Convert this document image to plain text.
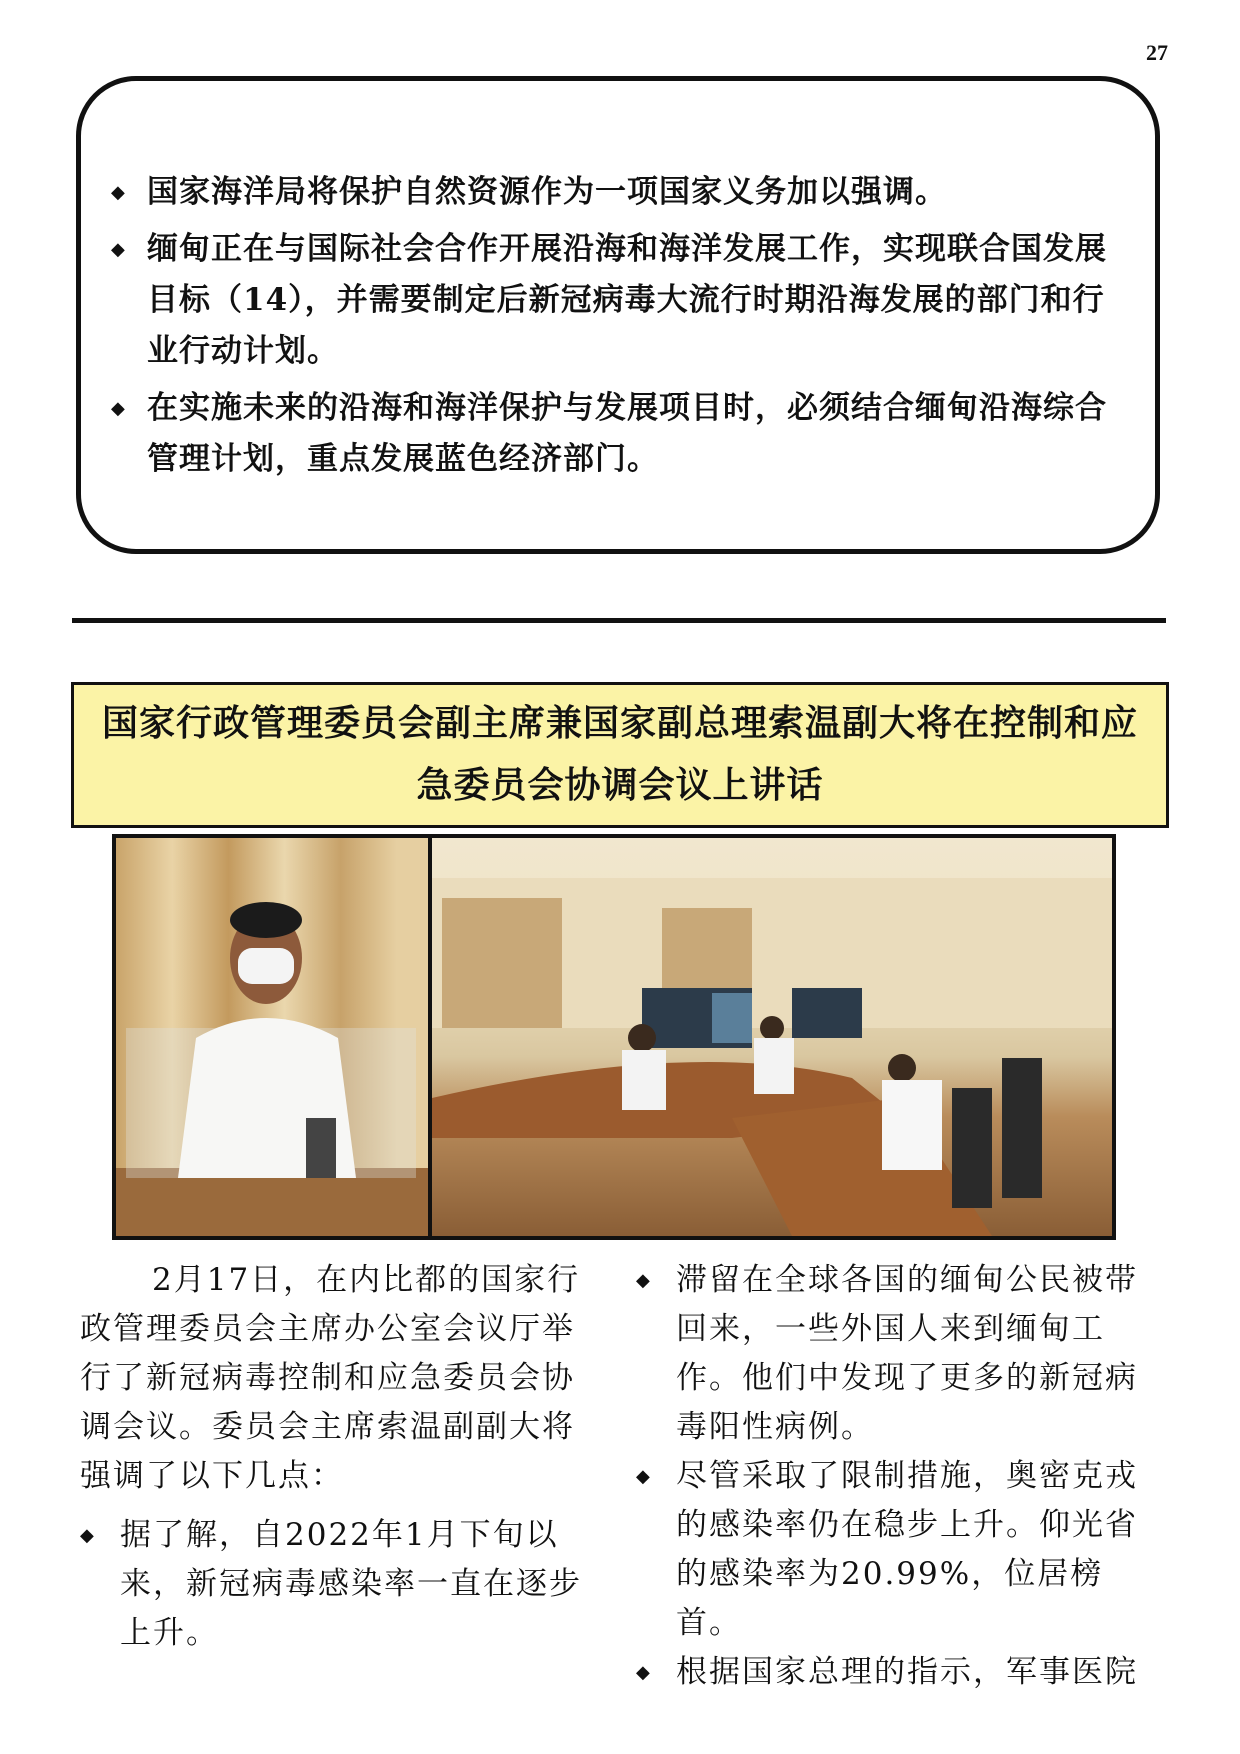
27
◆ 国家海洋局将保护自然资源作为一项国家义务加以强调。
◆ 缅甸正在与国际社会合作开展沿海和海洋发展工作，实现联合国发展目标（14），并需要制定后新冠病毒大流行时期沿海发展的部门和行业行动计划。
◆ 在实施未来的沿海和海洋保护与发展项目时，必须结合缅甸沿海综合管理计划，重点发展蓝色经济部门。
国家行政管理委员会副主席兼国家副总理索温副大将在控制和应
急委员会协调会议上讲话

2月17日，在内比都的国家行政管理委员会主席办公室会议厅举行了新冠病毒控制和应急委员会协调会议。委员会主席索温副副大将强调了以下几点：

◆ 据了解，自2022年1月下旬以来，新冠病毒感染率一直在逐步上升。
◆ 滞留在全球各国的缅甸公民被带回来，一些外国人来到缅甸工作。他们中发现了更多的新冠病毒阳性病例。
◆ 尽管采取了限制措施，奥密克戎的感染率仍在稳步上升。仰光省的感染率为20.99%，位居榜首。
◆ 根据国家总理的指示，军事医院
